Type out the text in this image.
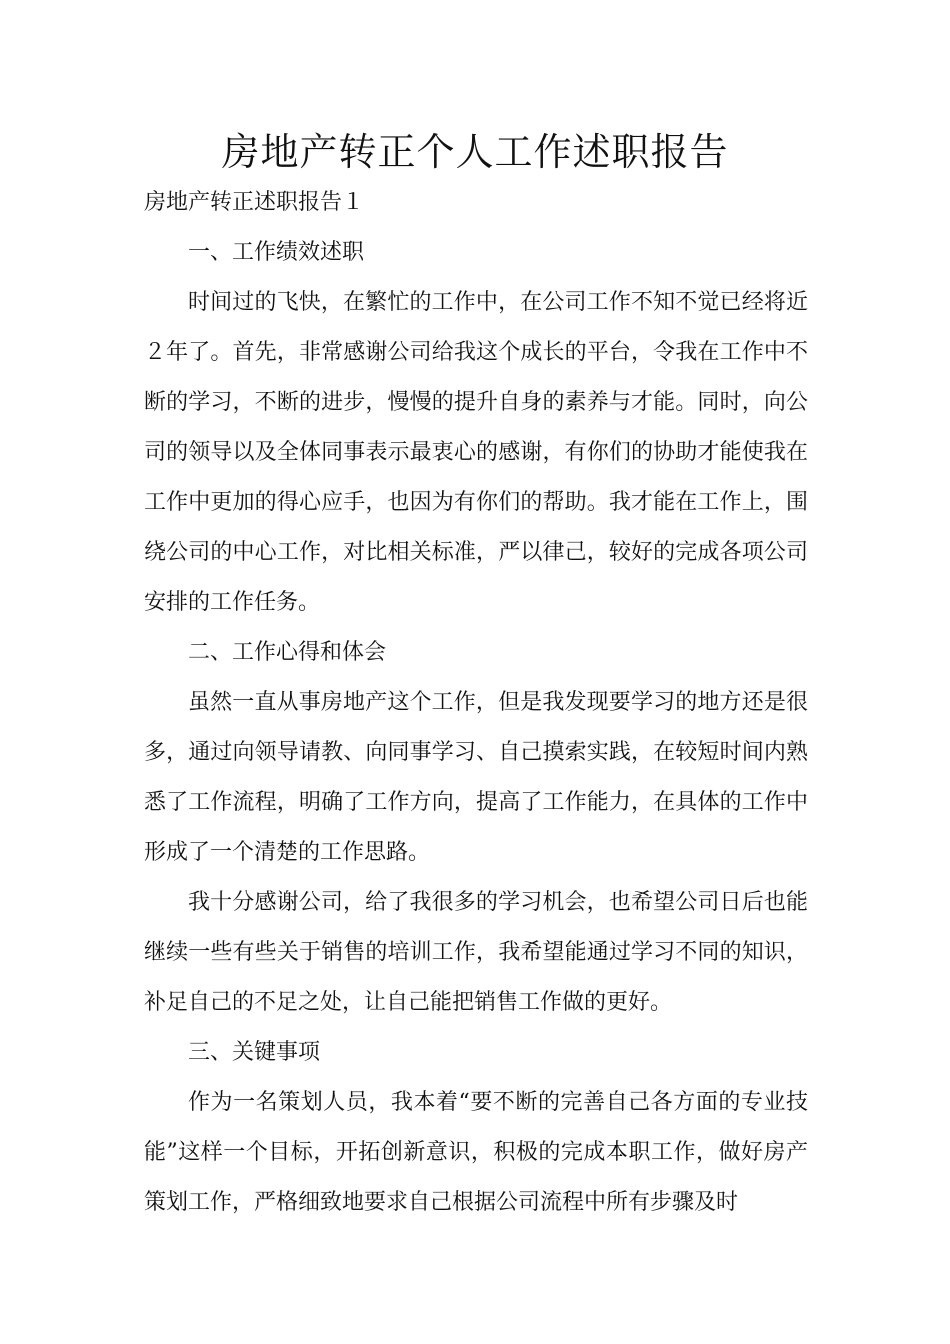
房地产转正个人工作述职报告

房地产转正述职报告１

一、工作绩效述职

时间过的飞快，在繁忙的工作中，在公司工作不知不觉已经将近２年了。首先，非常感谢公司给我这个成长的平台，令我在工作中不断的学习，不断的进步，慢慢的提升自身的素养与才能。同时，向公司的领导以及全体同事表示最衷心的感谢，有你们的协助才能使我在工作中更加的得心应手，也因为有你们的帮助。我才能在工作上，围绕公司的中心工作，对比相关标准，严以律己，较好的完成各项公司安排的工作任务。

二、工作心得和体会

虽然一直从事房地产这个工作，但是我发现要学习的地方还是很多，通过向领导请教、向同事学习、自己摸索实践，在较短时间内熟悉了工作流程，明确了工作方向，提高了工作能力，在具体的工作中形成了一个清楚的工作思路。

我十分感谢公司，给了我很多的学习机会，也希望公司日后也能继续一些有些关于销售的培训工作，我希望能通过学习不同的知识，补足自己的不足之处，让自己能把销售工作做的更好。

三、关键事项

作为一名策划人员，我本着“要不断的完善自己各方面的专业技能”这样一个目标，开拓创新意识，积极的完成本职工作，做好房产策划工作，严格细致地要求自己根据公司流程中所有步骤及时
